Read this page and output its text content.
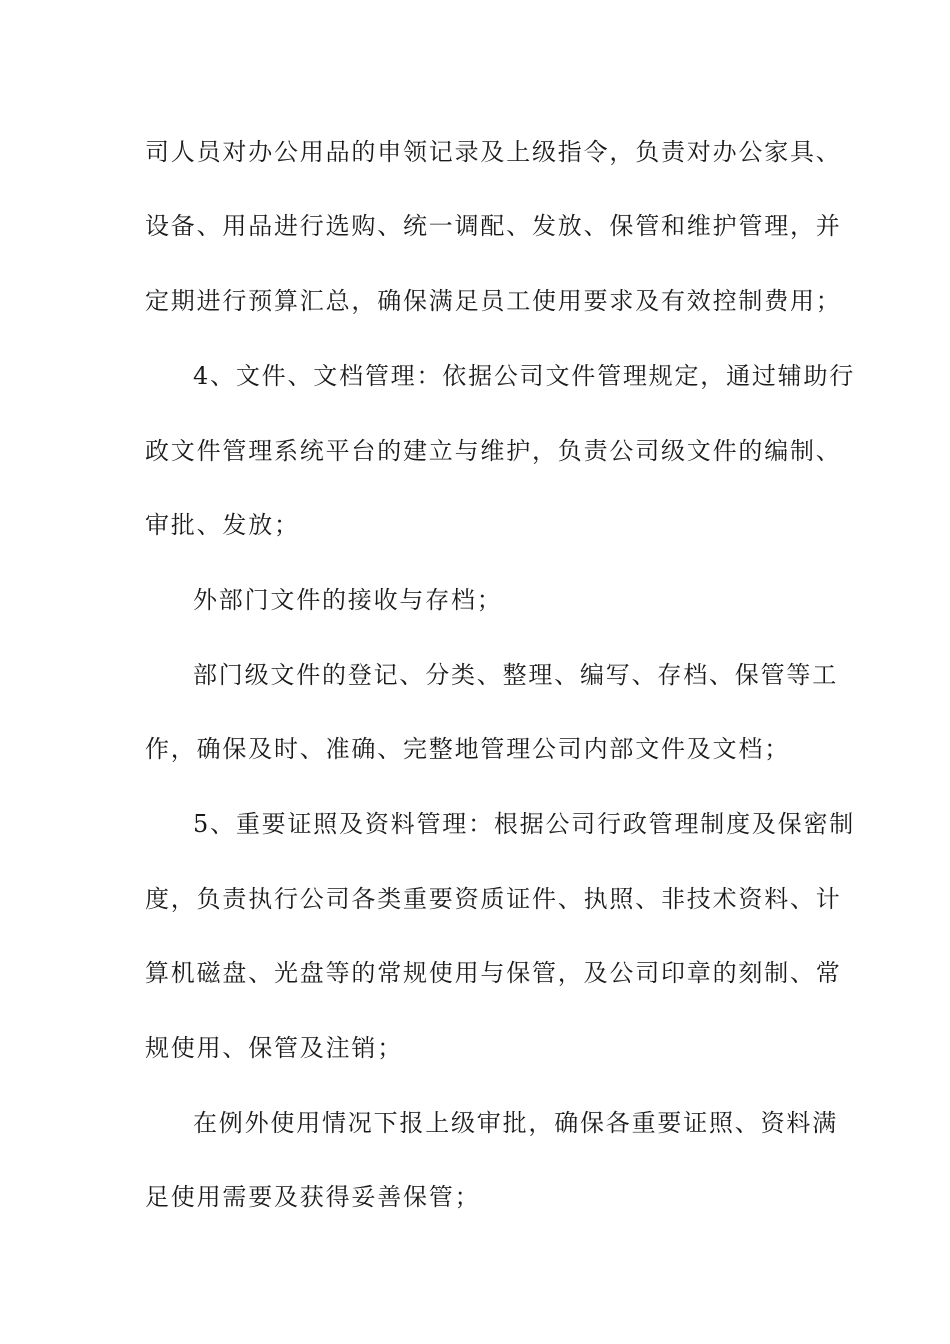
司人员对办公用品的申领记录及上级指令，负责对办公家具、
设备、用品进行选购、统一调配、发放、保管和维护管理，并
定期进行预算汇总，确保满足员工使用要求及有效控制费用；
4、文件、文档管理：依据公司文件管理规定，通过辅助行
政文件管理系统平台的建立与维护，负责公司级文件的编制、
审批、发放；
外部门文件的接收与存档；
部门级文件的登记、分类、整理、编写、存档、保管等工
作，确保及时、准确、完整地管理公司内部文件及文档；
5、重要证照及资料管理：根据公司行政管理制度及保密制
度，负责执行公司各类重要资质证件、执照、非技术资料、计
算机磁盘、光盘等的常规使用与保管，及公司印章的刻制、常
规使用、保管及注销；
在例外使用情况下报上级审批，确保各重要证照、资料满
足使用需要及获得妥善保管；
